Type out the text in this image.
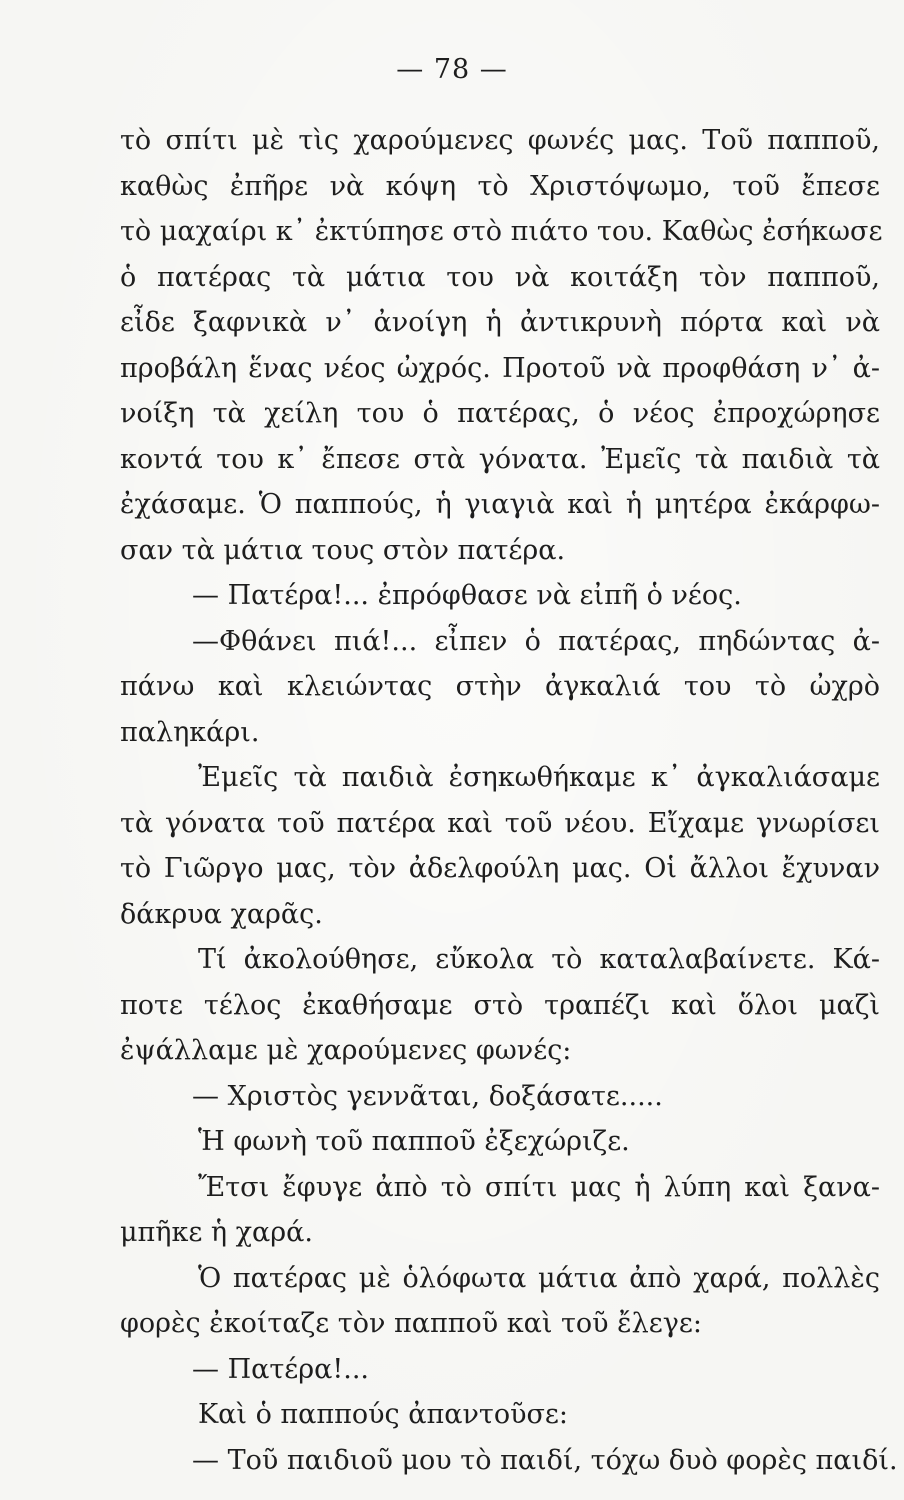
— 78 —
τὸ σπίτι μὲ τὶς χαρούμενες φωνές μας. Τοῦ παπποῦ,
καθὼς ἐπῆρε νὰ κόψη τὸ Χριστόψωμο, τοῦ ἔπεσε
τὸ μαχαίρι κ᾿ ἐκτύπησε στὸ πιάτο του. Καθὼς ἐσήκωσε
ὁ πατέρας τὰ μάτια του νὰ κοιτάξη τὸν παπποῦ,
εἶδε ξαφνικὰ ν᾿ ἀνοίγη ἡ ἀντικρυνὴ πόρτα καὶ νὰ
προβάλη ἕνας νέος ὠχρός. Προτοῦ νὰ προφθάση ν᾿ ἀ-
νοίξη τὰ χείλη του ὁ πατέρας, ὁ νέος ἐπροχώρησε
κοντά του κ᾿ ἔπεσε στὰ γόνατα. Ἐμεῖς τὰ παιδιὰ τὰ
ἐχάσαμε. Ὁ παππούς, ἡ γιαγιὰ καὶ ἡ μητέρα ἐκάρφω-
σαν τὰ μάτια τους στὸν πατέρα.
— Πατέρα!... ἐπρόφθασε νὰ εἰπῆ ὁ νέος.
—Φθάνει πιά!... εἶπεν ὁ πατέρας, πηδώντας ἀ-
πάνω καὶ κλειώντας στὴν ἀγκαλιά του τὸ ὠχρὸ
παληκάρι.
Ἐμεῖς τὰ παιδιὰ ἐσηκωθήκαμε κ᾿ ἀγκαλιάσαμε
τὰ γόνατα τοῦ πατέρα καὶ τοῦ νέου. Εἴχαμε γνωρίσει
τὸ Γιῶργο μας, τὸν ἀδελφούλη μας. Οἱ ἄλλοι ἔχυναν
δάκρυα χαρᾶς.
Τί ἀκολούθησε, εὔκολα τὸ καταλαβαίνετε. Κά-
ποτε τέλος ἐκαθήσαμε στὸ τραπέζι καὶ ὅλοι μαζὶ
ἐψάλλαμε μὲ χαρούμενες φωνές:
— Χριστὸς γεννᾶται, δοξάσατε.....
Ἡ φωνὴ τοῦ παπποῦ ἐξεχώριζε.
Ἔτσι ἔφυγε ἀπὸ τὸ σπίτι μας ἡ λύπη καὶ ξανα-
μπῆκε ἡ χαρά.
Ὁ πατέρας μὲ ὁλόφωτα μάτια ἀπὸ χαρά, πολλὲς
φορὲς ἐκοίταζε τὸν παπποῦ καὶ τοῦ ἔλεγε:
— Πατέρα!...
Καὶ ὁ παππούς ἀπαντοῦσε:
— Τοῦ παιδιοῦ μου τὸ παιδί, τόχω δυὸ φορὲς παιδί.
